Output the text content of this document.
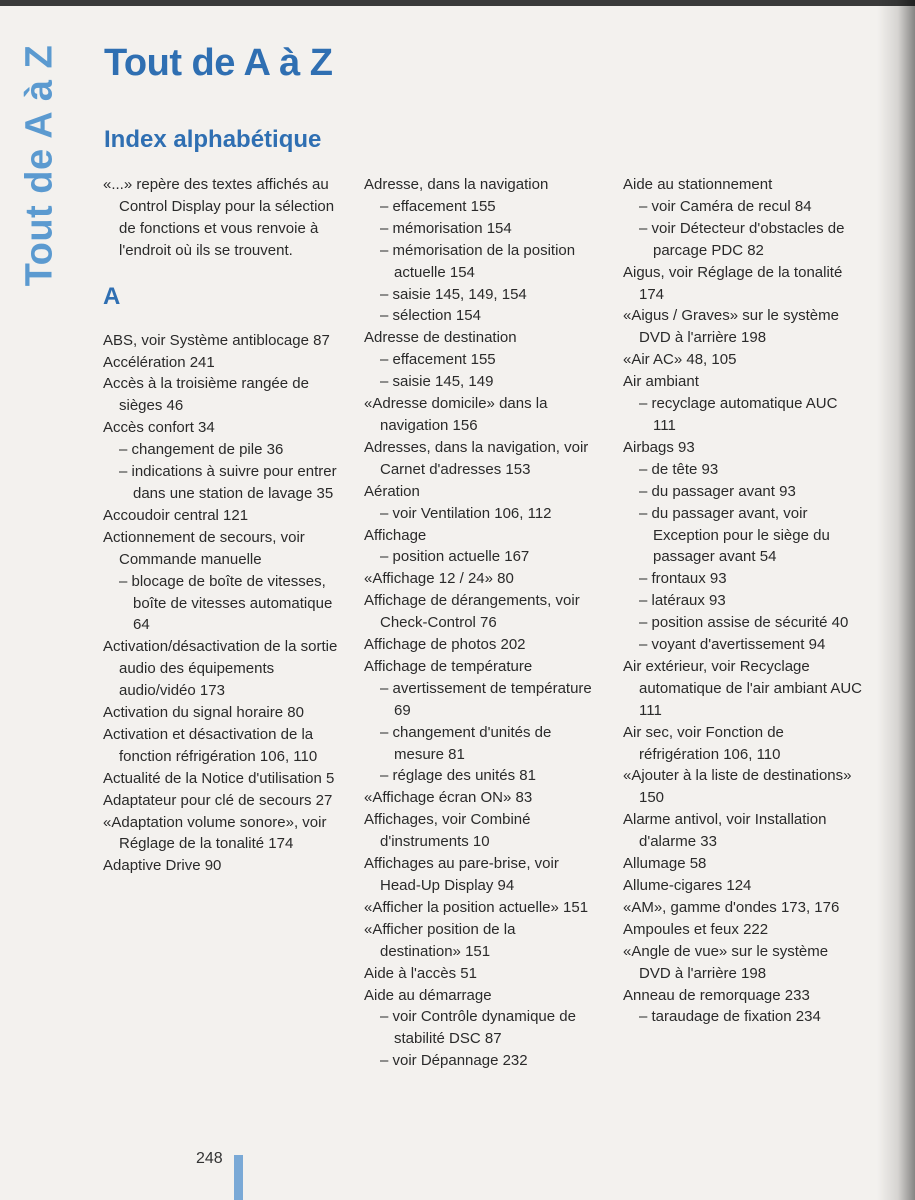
Tout de A à Z Tout de A à Z
Index alphabétique
«...» repère des textes affichés au Control Display pour la sélection de fonctions et vous renvoie à l'endroit où ils se trouvent.
A
ABS, voir Système antiblocage 87
Accélération 241
Accès à la troisième rangée de sièges 46
Accès confort 34
– changement de pile 36
– indications à suivre pour entrer dans une station de lavage 35
Accoudoir central 121
Actionnement de secours, voir Commande manuelle
– blocage de boîte de vitesses, boîte de vitesses automatique 64
Activation/désactivation de la sortie audio des équipements audio/vidéo 173
Activation du signal horaire 80
Activation et désactivation de la fonction réfrigération 106, 110
Actualité de la Notice d'utilisation 5
Adaptateur pour clé de secours 27
«Adaptation volume sonore», voir Réglage de la tonalité 174
Adaptive Drive 90
Adresse, dans la navigation
– effacement 155
– mémorisation 154
– mémorisation de la position actuelle 154
– saisie 145, 149, 154
– sélection 154
Adresse de destination
– effacement 155
– saisie 145, 149
«Adresse domicile» dans la navigation 156
Adresses, dans la navigation, voir Carnet d'adresses 153
Aération
– voir Ventilation 106, 112
Affichage
– position actuelle 167
«Affichage 12 / 24» 80
Affichage de dérangements, voir Check-Control 76
Affichage de photos 202
Affichage de température
– avertissement de température 69
– changement d'unités de mesure 81
– réglage des unités 81
«Affichage écran ON» 83
Affichages, voir Combiné d'instruments 10
Affichages au pare-brise, voir Head-Up Display 94
«Afficher la position actuelle» 151
«Afficher position de la destination» 151
Aide à l'accès 51
Aide au démarrage
– voir Contrôle dynamique de stabilité DSC 87
– voir Dépannage 232
Aide au stationnement
– voir Caméra de recul 84
– voir Détecteur d'obstacles de parcage PDC 82
Aigus, voir Réglage de la tonalité 174
«Aigus / Graves» sur le système DVD à l'arrière 198
«Air AC» 48, 105
Air ambiant
– recyclage automatique AUC 111
Airbags 93
– de tête 93
– du passager avant 93
– du passager avant, voir Exception pour le siège du passager avant 54
– frontaux 93
– latéraux 93
– position assise de sécurité 40
– voyant d'avertissement 94
Air extérieur, voir Recyclage automatique de l'air ambiant AUC 111
Air sec, voir Fonction de réfrigération 106, 110
«Ajouter à la liste de destinations» 150
Alarme antivol, voir Installation d'alarme 33
Allumage 58
Allume-cigares 124
«AM», gamme d'ondes 173, 176
Ampoules et feux 222
«Angle de vue» sur le système DVD à l'arrière 198
Anneau de remorquage 233
– taraudage de fixation 234
248
